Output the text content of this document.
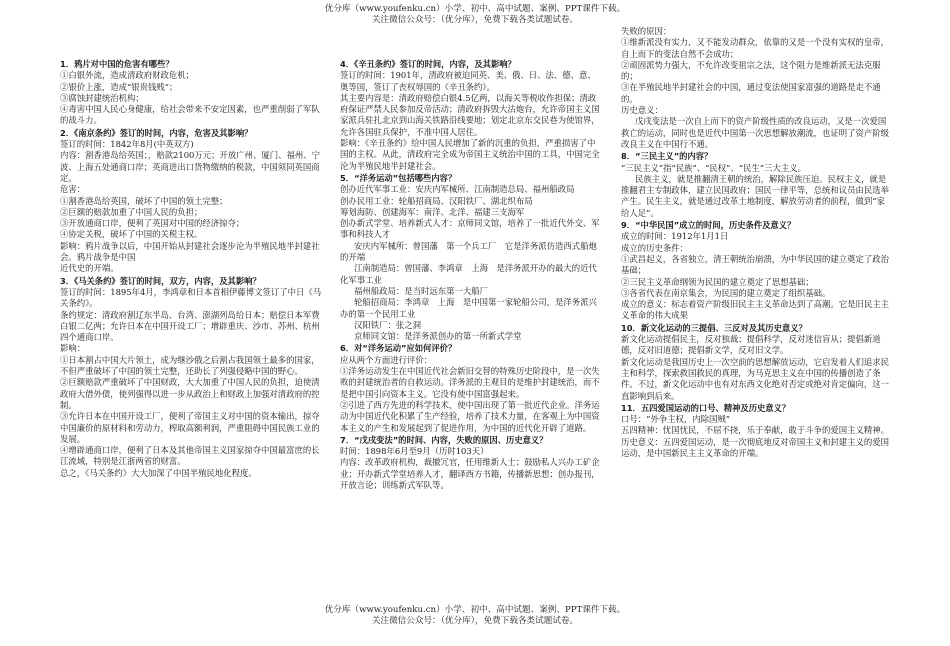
优分库（www.youfenku.cn）小学、初中、高中试题、案例、PPT课件下载。
关注微信公众号：（优分库），免费下载各类试题试卷。

1．鸦片对中国的危害有哪些？

①白银外流，造成清政府财政危机；

②银价上涨，造成“银贵钱贱”；

③腐蚀封建统治机构；

④毒害中国人民心身健康，给社会带来不安定因素，也严重削弱了军队的战斗力。

2．《南京条约》签订的时间，内容，危害及其影响？

签订的时间：1842年8月(中英双方)

内容：割香港岛给英国；，赔款2100万元；开放广州、厦门、福州、宁波、上海五处通商口岸；英商进出口货物缴纳的税款，中国须同英国商定。

危害：

①割香港岛给英国，破坏了中国的领土完整；

②巨额的赔款加重了中国人民的负担；

③开放通商口岸，便利了英国对中国的经济掠夺；

④协定关税，破坏了中国的关税主权。

影响：鸦片战争以后，中国开始从封建社会逐步沦为半殖民地半封建社会。鸦片战争是中国

近代史的开端。

3．《马关条约》签订的时间，双方，内容，及其影响？

签订的时间：1895年4月，李鸿章和日本首相伊藤博文签订了中日《马关条约》。

条约规定：清政府割辽东半岛、台湾、澎湖列岛给日本；赔偿日本军费白银二亿两；允许日本在中国开设工厂；增辟重庆、沙市、苏州、杭州四个通商口岸。

影响：

①日本割占中国大片领土，成为继沙俄之后割占我国领土最多的国家，不但严重破坏了中国的领土完整，还助长了列强侵略中国的野心。

②巨额赔款严重破坏了中国财政，大大加重了中国人民的负担，迫使清政府大借外债，使列强得以进一步从政治上和财政上加强对清政府的控制。

③允许日本在中国开设工厂，便利了帝国主义对中国的资本输出，掠夺中国廉价的原材料和劳动力，榨取高额利润，严重阻碍中国民族工业的发展。

④增辟通商口岸，便利了日本及其他帝国主义国家掠夺中国最富庶的长江流域，特别是江浙两省的财富。

总之，《马关条约》大大加深了中国半殖民地化程度。

4．《辛丑条约》签订的时间，内容，及其影响？

签订的时间：1901年，清政府被迫同英、美、俄、日、法、德、意、奥等国，签订了丧权辱国的《辛丑条约》。

其主要内容是：清政府赔偿白银4.5亿两，以海关等税收作担保；清政府保证严禁人民参加反帝活动；清政府拆毁大沽炮台，允许帝国主义国家派兵驻扎北京到山海关铁路沿线要地；划定北京东交民巷为使馆界，允许各国驻兵保护，不准中国人居住。

影响：《辛丑条约》给中国人民增加了新的沉重的负担，严重损害了中国的主权。从此，清政府完全成为帝国主义统治中国的工具，中国完全沦为半殖民地半封建社会。

5．“洋务运动”包括哪些内容？

创办近代军事工业：安庆内军械所、江南制造总局、福州船政局

创办民用工业：轮船招商局、汉阳铁厂、湖北织布局

筹划海防、创建海军：南洋、北洋、福建三支海军

创办新式学堂、培养新式人才：京师同文馆，培养了一批近代外交、军事和科技人才

安庆内军械所：曾国藩　第一个兵工厂　它是洋务派仿造西式船炮的开端

江南制造局：曾国藩、李鸿章　上海　是洋务派开办的最大的近代化军事工业

福州船政局：是当时远东第一大船厂

轮船招商局：李鸿章　上海　是中国第一家轮船公司，是洋务派兴办的第一个民用工业

汉阳铁厂：张之洞

京师同文馆：是洋务派创办的第一所新式学堂

6．对“洋务运动”应如何评价？

应从两个方面进行评价：

①洋务运动发生在中国近代社会新旧交替的特殊历史阶段中，是一次失败的封建统治者的自救运动。洋务派的主观目的是维护封建统治，而不是把中国引向资本主义。它没有使中国富强起来。

②引进了西方先进的科学技术，使中国出现了第一批近代企业。洋务运动为中国近代化积累了生产经验，培养了技术力量，在客观上为中国资本主义的产生和发展起到了促进作用，为中国的近代化开辟了道路。

7．“戊戌变法”的时间、内容，失败的原因、历史意义？

时间：1898年6月至9月（历时103天）

内容：改革政府机构，裁撤冗官，任用维新人士；鼓励私人兴办工矿企业；开办新式学堂培养人才，翻译西方书籍，传播新思想；创办报刊，开放言论；训练新式军队等。

失败的原因：

①维新派没有实力，又不能发动群众，依靠的又是一个没有实权的皇帝，自上而下的变法自然不会成功；

②顽固派势力强大，不允许改变祖宗之法，这个阻力是维新派无法克服的；

③在半殖民地半封建社会的中国，通过变法使国家富强的道路是走不通的。

历史意义：

戊戌变法是一次自上而下的资产阶级性质的改良运动，又是一次爱国救亡的运动，同时也是近代中国第一次思想解放潮流，也证明了资产阶级改良主义在中国行不通。

8．“三民主义”的内容？

“三民主义”指“民族”、“民权”、“民生”三大主义。

民族主义，就是推翻清王朝的统治，解除民族压迫。民权主义，就是推翻君主专制政体，建立民国政府；国民一律平等，总统和议员由民选举产生。民生主义，就是通过改革土地制度，解放劳动者的前程，做到“家给人足”。

9．“中华民国”成立的时间，历史条件及意义？

成立的时间：1912年1月1日

成立的历史条件：

①武昌起义，各省独立，清王朝统治崩溃，为中华民国的建立奠定了政治基础；

②三民主义革命纲领为民国的建立奠定了思想基础；

③各省代表在南京集会，为民国的建立奠定了组织基础。

成立的意义：标志着资产阶级旧民主主义革命达到了高潮。它是旧民主主义革命的伟大成果

10．新文化运动的三提倡、三反对及其历史意义？

新文化运动提倡民主，反对独裁；提倡科学，反对迷信盲从；提倡新道德，反对旧道德；提倡新文学，反对旧文学。

新文化运动是我国历史上一次空前的思想解放运动，它启发着人们追求民主和科学，探索救国救民的真理，为马克思主义在中国的传播创造了条件。不过，新文化运动中也有对东西文化绝对否定或绝对肯定偏向，这一直影响到后来。

11．五四爱国运动的口号、精神及历史意义？

口号：“外争主权，内除国贼”

五四精神：忧国忧民，不屈不挠，乐于奉献，敢于斗争的爱国主义精神。

历史意义：五四爱国运动，是一次彻底地反对帝国主义和封建主义的爱国运动，是中国新民主主义革命的开端。

优分库（www.youfenku.cn）小学、初中、高中试题、案例、PPT课件下载。
关注微信公众号：（优分库），免费下载各类试题试卷。
